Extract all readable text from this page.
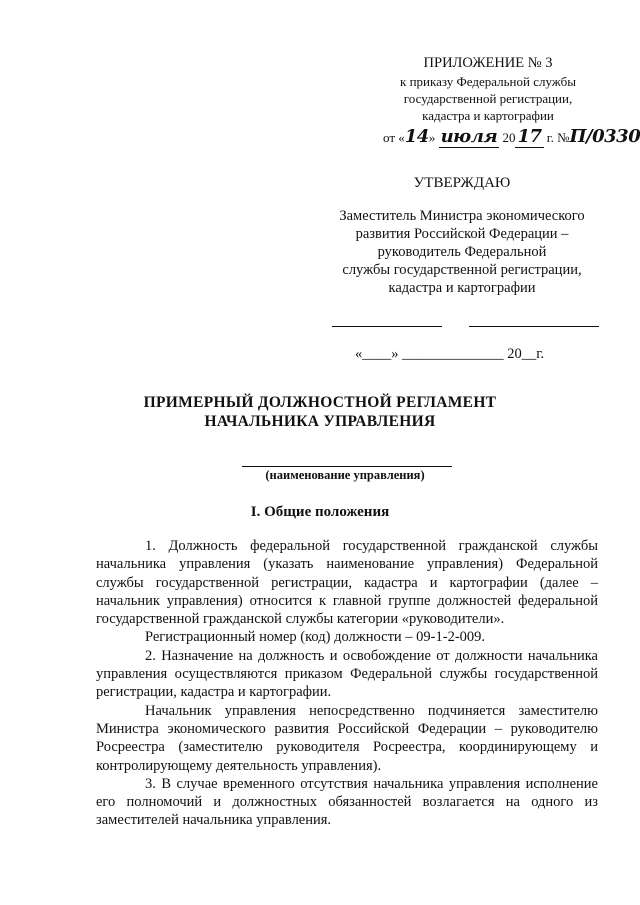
ПРИЛОЖЕНИЕ № 3
к приказу Федеральной службы
государственной регистрации,
кадастра и картографии
от «14» июля 20 17 г. №П/0330
УТВЕРЖДАЮ
Заместитель Министра экономического
развития Российской Федерации –
руководитель Федеральной
службы государственной регистрации,
кадастра и картографии
«____» ______________ 20__г.
ПРИМЕРНЫЙ ДОЛЖНОСТНОЙ РЕГЛАМЕНТ
НАЧАЛЬНИКА УПРАВЛЕНИЯ
(наименование управления)
I. Общие положения

1. Должность федеральной государственной гражданской службы начальника управления (указать наименование управления) Федеральной службы государственной регистрации, кадастра и картографии (далее – начальник управления) относится к главной группе должностей федеральной государственной гражданской службы категории «руководители».

Регистрационный номер (код) должности – 09-1-2-009.

2. Назначение на должность и освобождение от должности начальника управления осуществляются приказом Федеральной службы государственной регистрации, кадастра и картографии.

Начальник управления непосредственно подчиняется заместителю Министра экономического развития Российской Федерации – руководителю Росреестра (заместителю руководителя Росреестра, координирующему и контролирующему деятельность управления).

3. В случае временного отсутствия начальника управления исполнение его полномочий и должностных обязанностей возлагается на одного из заместителей начальника управления.
